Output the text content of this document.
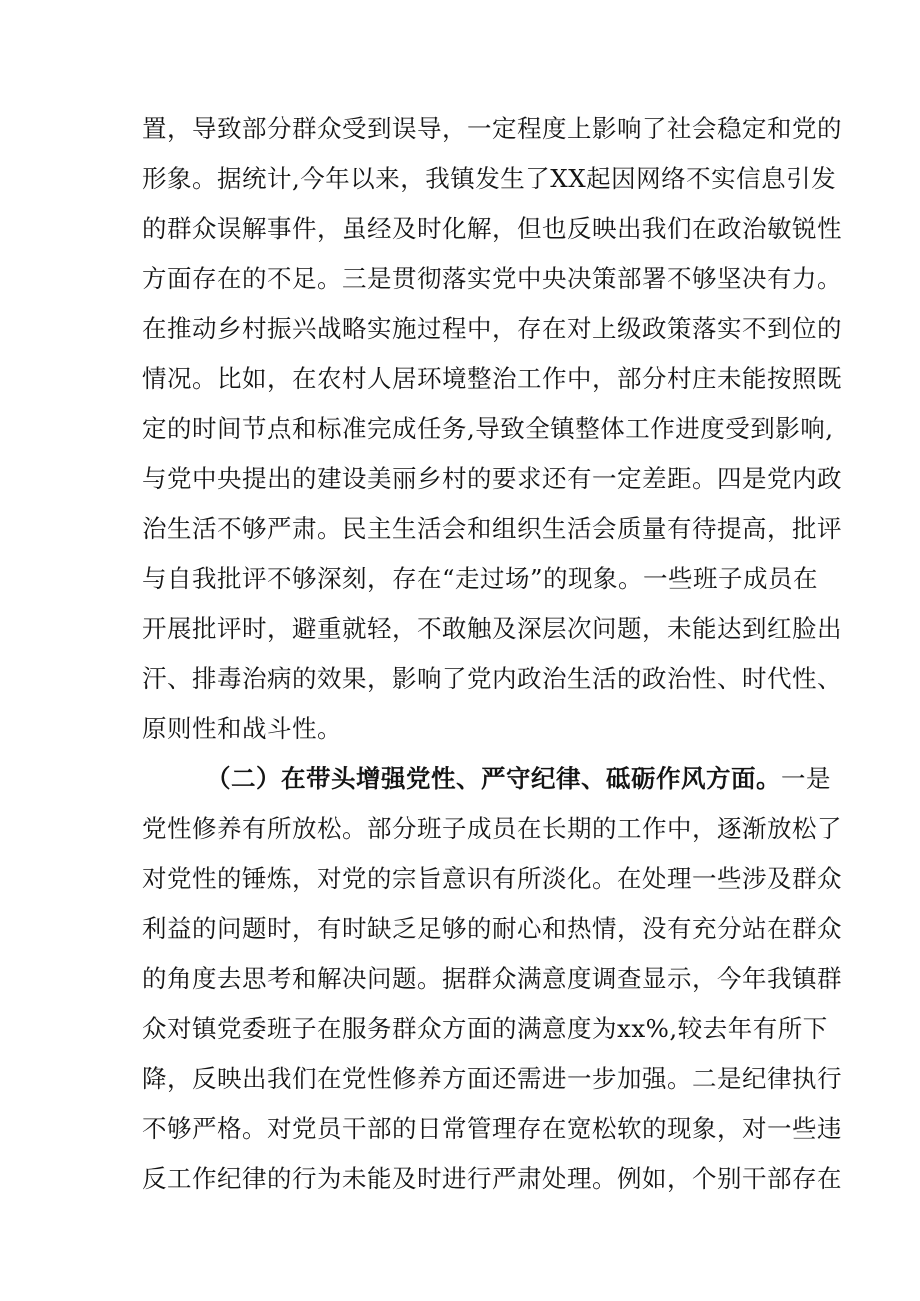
置，导致部分群众受到误导，一定程度上影响了社会稳定和党的
形象。据统计,今年以来，我镇发生了XX起因网络不实信息引发
的群众误解事件，虽经及时化解，但也反映出我们在政治敏锐性
方面存在的不足。三是贯彻落实党中央决策部署不够坚决有力。
在推动乡村振兴战略实施过程中，存在对上级政策落实不到位的
情况。比如，在农村人居环境整治工作中，部分村庄未能按照既
定的时间节点和标准完成任务,导致全镇整体工作进度受到影响,
与党中央提出的建设美丽乡村的要求还有一定差距。四是党内政
治生活不够严肃。民主生活会和组织生活会质量有待提高，批评
与自我批评不够深刻，存在“走过场”的现象。一些班子成员在
开展批评时，避重就轻，不敢触及深层次问题，未能达到红脸出
汗、排毒治病的效果，影响了党内政治生活的政治性、时代性、
原则性和战斗性。
（二）在带头增强党性、严守纪律、砥砺作风方面。一是
党性修养有所放松。部分班子成员在长期的工作中，逐渐放松了
对党性的锤炼，对党的宗旨意识有所淡化。在处理一些涉及群众
利益的问题时，有时缺乏足够的耐心和热情，没有充分站在群众
的角度去思考和解决问题。据群众满意度调查显示，今年我镇群
众对镇党委班子在服务群众方面的满意度为xx%,较去年有所下
降，反映出我们在党性修养方面还需进一步加强。二是纪律执行
不够严格。对党员干部的日常管理存在宽松软的现象，对一些违
反工作纪律的行为未能及时进行严肃处理。例如，个别干部存在
